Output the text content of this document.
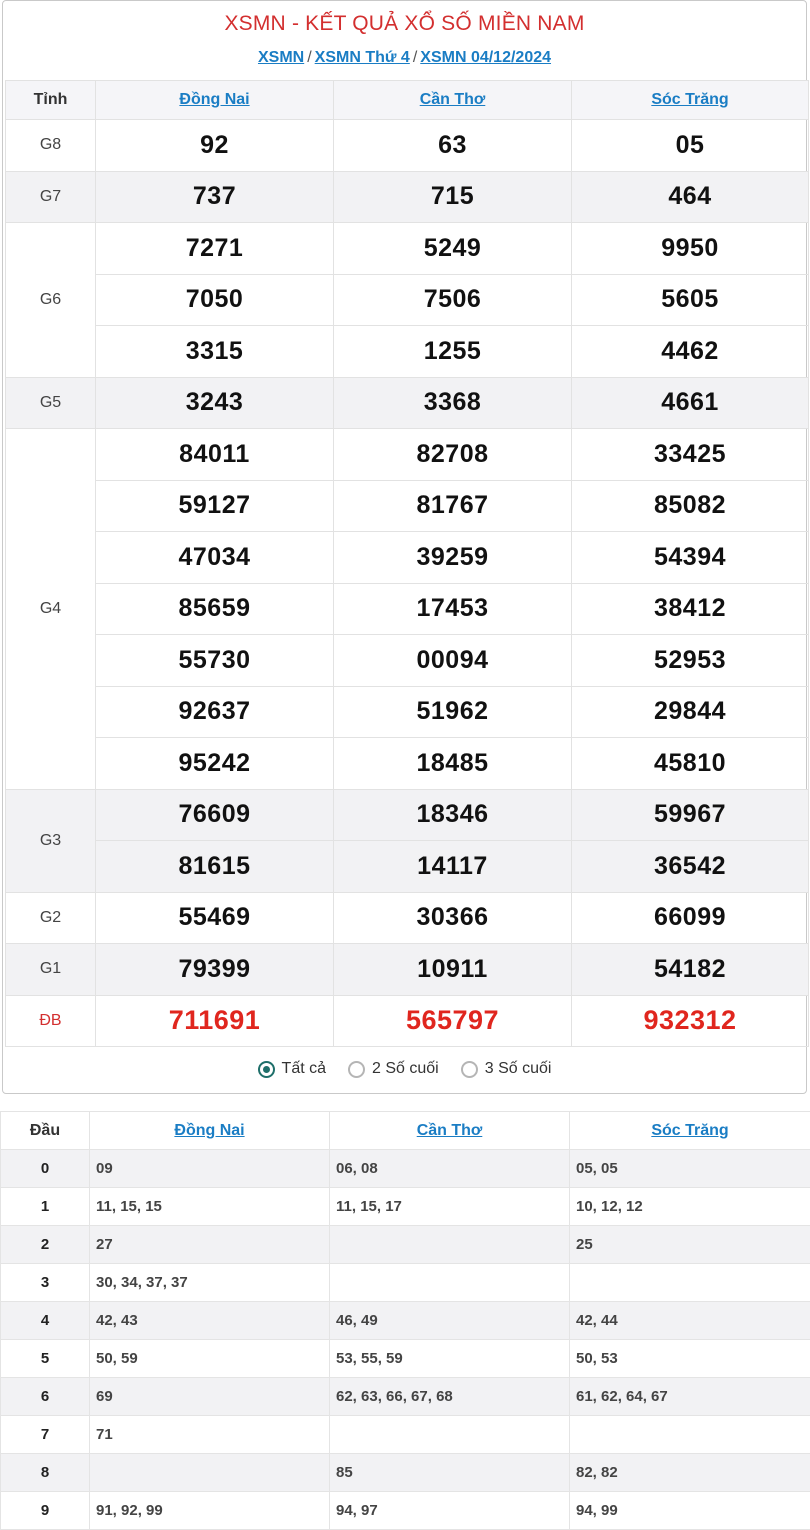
XSMN - KẾT QUẢ XỔ SỐ MIỀN NAM
XSMN / XSMN Thứ 4 / XSMN 04/12/2024
Tỉnh	Đồng Nai	Cần Thơ	Sóc Trăng
G8	92	63	05
G7	737	715	464
G6	7271	5249	9950
	7050	7506	5605
	3315	1255	4462
G5	3243	3368	4661
G4	84011	82708	33425
	59127	81767	85082
	47034	39259	54394
	85659	17453	38412
	55730	00094	52953
	92637	51962	29844
	95242	18485	45810
G3	76609	18346	59967
	81615	14117	36542
G2	55469	30366	66099
G1	79399	10911	54182
ĐB	711691	565797	932312
Tất cả	2 Số cuối	3 Số cuối
Đầu	Đồng Nai	Cần Thơ	Sóc Trăng
0	09	06, 08	05, 05
1	11, 15, 15	11, 15, 17	10, 12, 12
2	27		25
3	30, 34, 37, 37		
4	42, 43	46, 49	42, 44
5	50, 59	53, 55, 59	50, 53
6	69	62, 63, 66, 67, 68	61, 62, 64, 67
7	71		
8		85	82, 82
9	91, 92, 99	94, 97	94, 99
